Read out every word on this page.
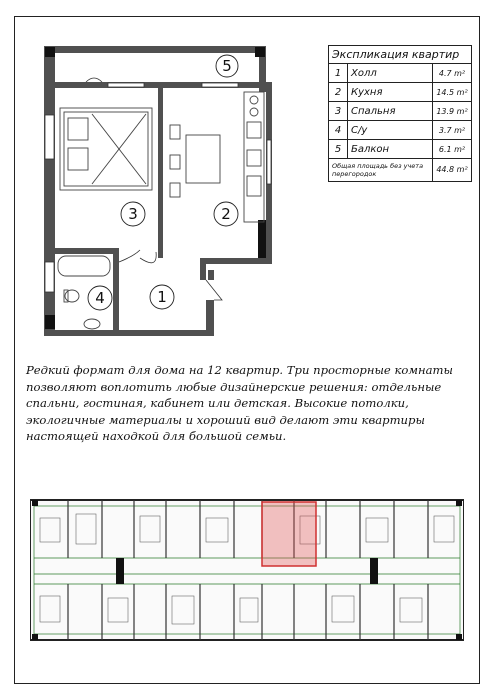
5
3	2
1
4
Экспликация квартир		
1	Холл	4.7 m²
2	Кухня	14.5 m²
3	Спальня	13.9 m²
4	С/у	3.7 m²
5	Балкон	6.1 m²
Общая площадь без учета перегородок		44.8 m²

Редкий формат для дома на 12 квартир. Три просторные комнаты позволяют воплотить любые дизайнерские решения: отдельные спальни, гостиная, кабинет или детская. Высокие потолки, экологичные материалы и хороший вид делают эти квартиры настоящей находкой для большой семьи.
